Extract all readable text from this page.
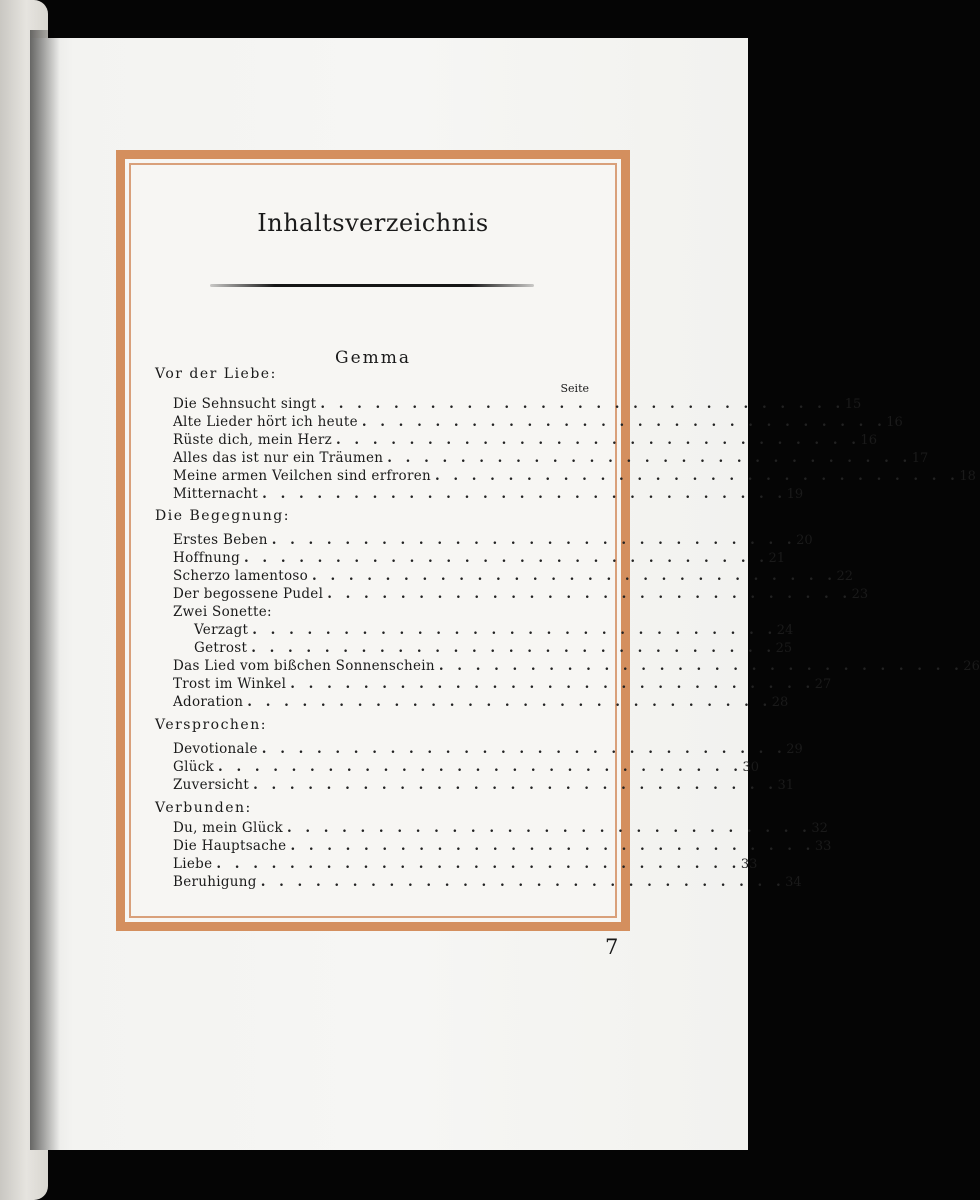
Inhaltsverzeichnis
Gemma
Seite
Vor der Liebe:
Die Sehnsucht singt . . . . . . . . . . . . . . . . . . . . . . . . . . . . . 15
Alte Lieder hört ich heute . . . . . . . . . . . . . . . . . . . . . . . . . . . . . 16
Rüste dich, mein Herz . . . . . . . . . . . . . . . . . . . . . . . . . . . . . 16
Alles das ist nur ein Träumen . . . . . . . . . . . . . . . . . . . . . . . . . . . . . 17
Meine armen Veilchen sind erfroren . . . . . . . . . . . . . . . . . . . . . . . . . . . . . 18
Mitternacht . . . . . . . . . . . . . . . . . . . . . . . . . . . . . 19
Die Begegnung:
Erstes Beben . . . . . . . . . . . . . . . . . . . . . . . . . . . . . 20
Hoffnung . . . . . . . . . . . . . . . . . . . . . . . . . . . . . 21
Scherzo lamentoso . . . . . . . . . . . . . . . . . . . . . . . . . . . . . 22
Der begossene Pudel . . . . . . . . . . . . . . . . . . . . . . . . . . . . . 23
Zwei Sonette:
Verzagt . . . . . . . . . . . . . . . . . . . . . . . . . . . . . 24
Getrost . . . . . . . . . . . . . . . . . . . . . . . . . . . . . 25
Das Lied vom bißchen Sonnenschein . . . . . . . . . . . . . . . . . . . . . . . . . . . . . 26
Trost im Winkel . . . . . . . . . . . . . . . . . . . . . . . . . . . . . 27
Adoration . . . . . . . . . . . . . . . . . . . . . . . . . . . . . 28
Versprochen:
Devotionale . . . . . . . . . . . . . . . . . . . . . . . . . . . . . 29
Glück . . . . . . . . . . . . . . . . . . . . . . . . . . . . . 30
Zuversicht . . . . . . . . . . . . . . . . . . . . . . . . . . . . . 31
Verbunden:
Du, mein Glück . . . . . . . . . . . . . . . . . . . . . . . . . . . . . 32
Die Hauptsache . . . . . . . . . . . . . . . . . . . . . . . . . . . . . 33
Liebe . . . . . . . . . . . . . . . . . . . . . . . . . . . . . 33
Beruhigung . . . . . . . . . . . . . . . . . . . . . . . . . . . . . 34
7
